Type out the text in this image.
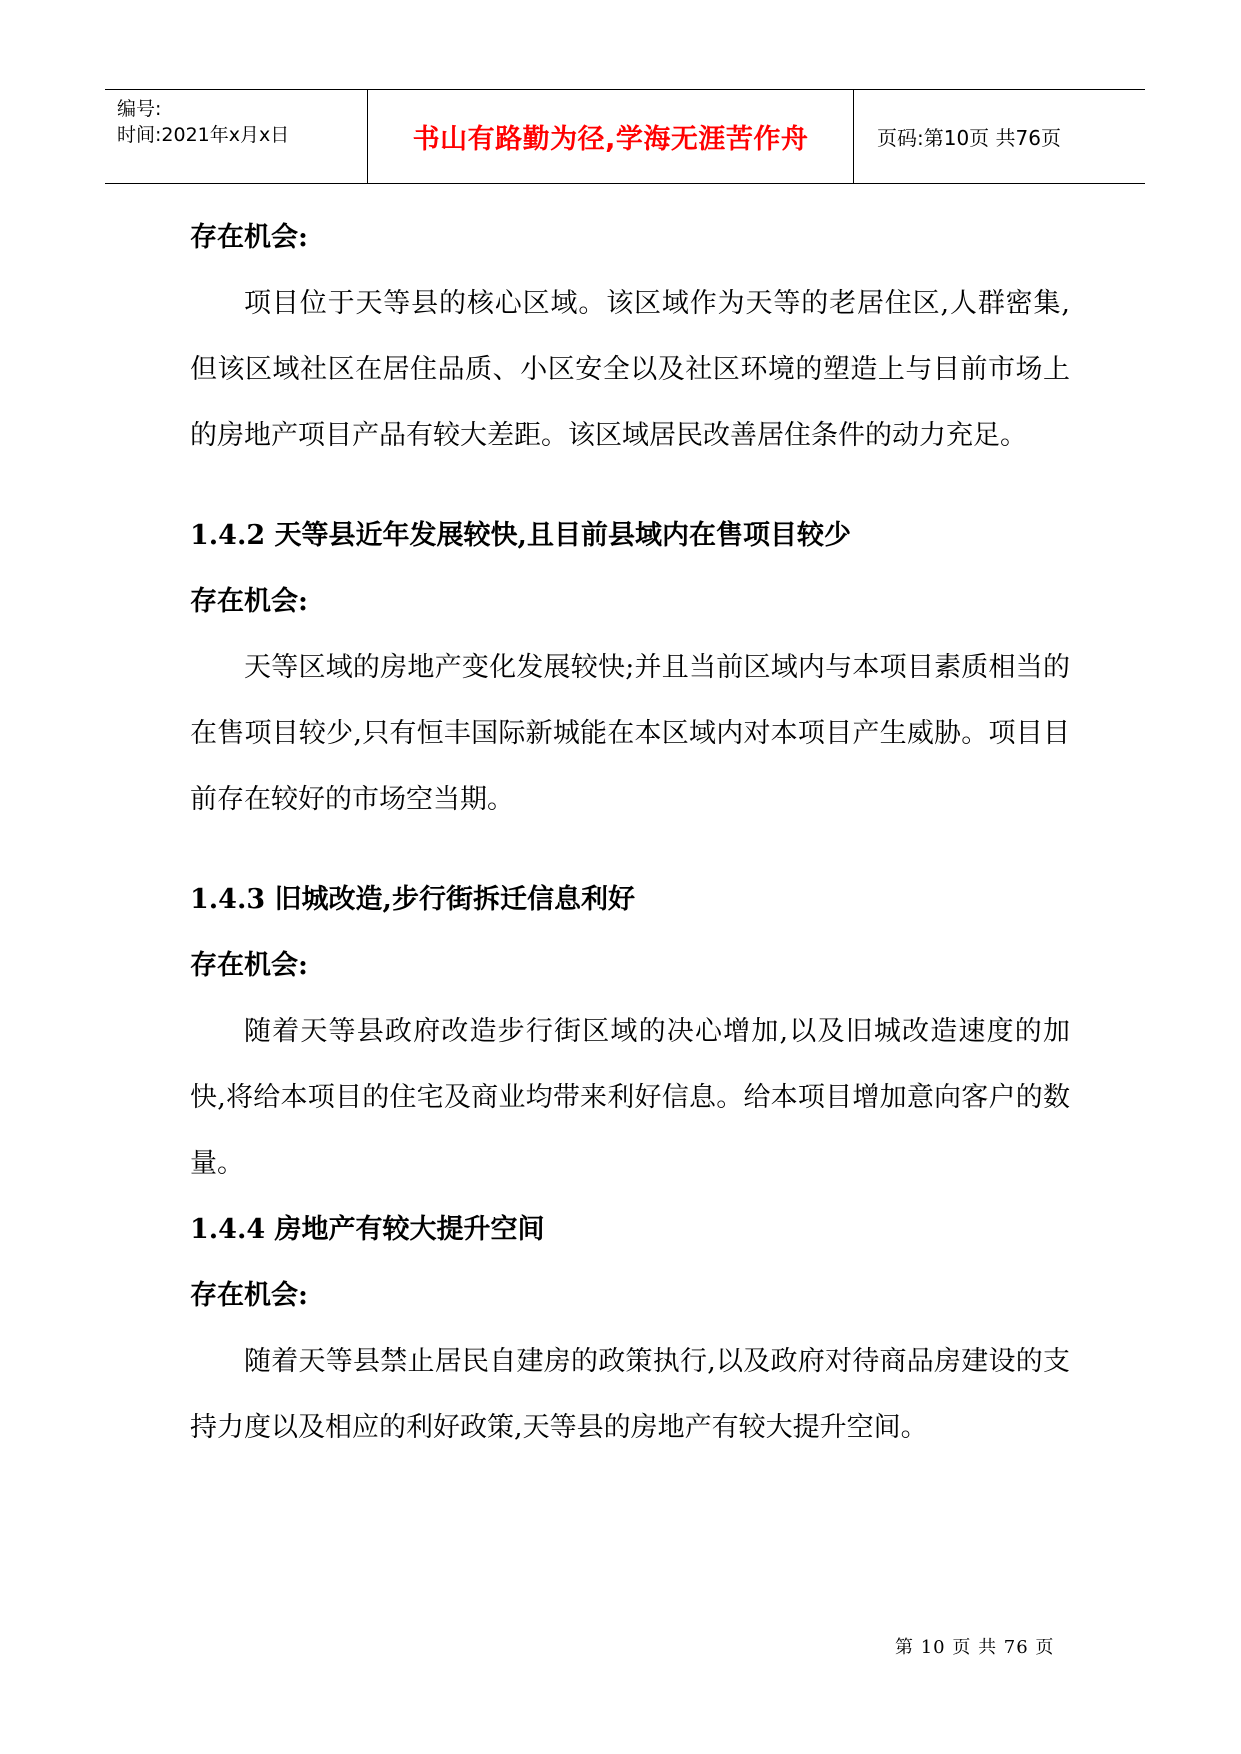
编号:
时间:2021年x月x日	书山有路勤为径,学海无涯苦作舟	页码:第10页 共76页

存在机会:

项目位于天等县的核心区域。该区域作为天等的老居住区,人群密集,但该区域社区在居住品质、小区安全以及社区环境的塑造上与目前市场上的房地产项目产品有较大差距。该区域居民改善居住条件的动力充足。

1.4.2 天等县近年发展较快,且目前县域内在售项目较少

存在机会:

天等区域的房地产变化发展较快;并且当前区域内与本项目素质相当的在售项目较少,只有恒丰国际新城能在本区域内对本项目产生威胁。项目目前存在较好的市场空当期。

1.4.3 旧城改造,步行街拆迁信息利好

存在机会:

随着天等县政府改造步行街区域的决心增加,以及旧城改造速度的加快,将给本项目的住宅及商业均带来利好信息。给本项目增加意向客户的数量。

1.4.4 房地产有较大提升空间

存在机会:

随着天等县禁止居民自建房的政策执行,以及政府对待商品房建设的支持力度以及相应的利好政策,天等县的房地产有较大提升空间。

第 10 页 共 76 页
